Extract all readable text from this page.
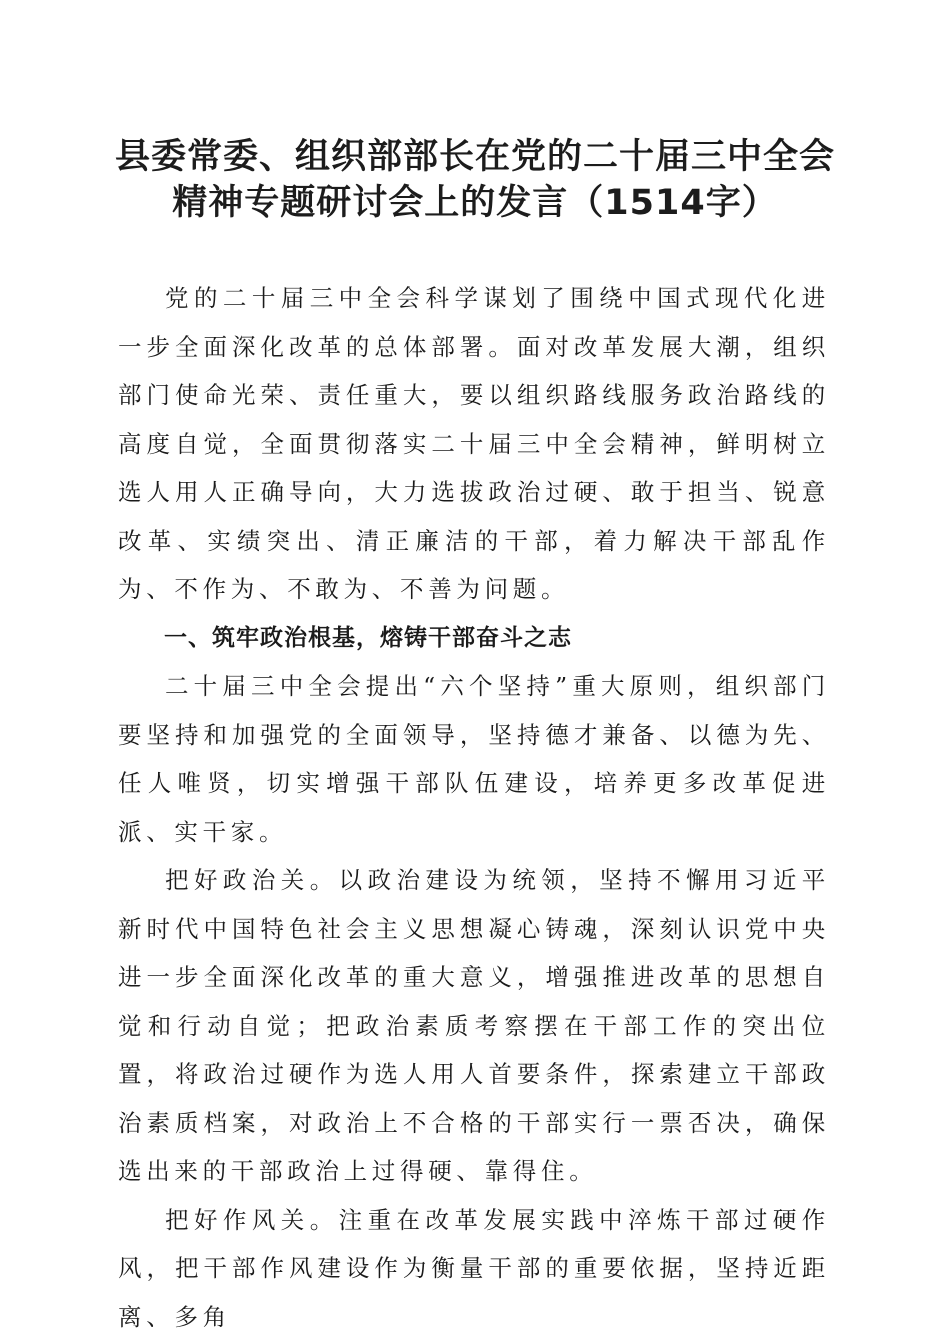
县委常委、组织部部长在党的二十届三中全会
精神专题研讨会上的发言（1514字）

党的二十届三中全会科学谋划了围绕中国式现代化进一步全面深化改革的总体部署。面对改革发展大潮，组织部门使命光荣、责任重大，要以组织路线服务政治路线的高度自觉，全面贯彻落实二十届三中全会精神，鲜明树立选人用人正确导向，大力选拔政治过硬、敢于担当、锐意改革、实绩突出、清正廉洁的干部，着力解决干部乱作为、不作为、不敢为、不善为问题。

一、筑牢政治根基，熔铸干部奋斗之志

二十届三中全会提出“六个坚持”重大原则，组织部门要坚持和加强党的全面领导，坚持德才兼备、以德为先、任人唯贤，切实增强干部队伍建设，培养更多改革促进派、实干家。

把好政治关。以政治建设为统领，坚持不懈用习近平新时代中国特色社会主义思想凝心铸魂，深刻认识党中央进一步全面深化改革的重大意义，增强推进改革的思想自觉和行动自觉；把政治素质考察摆在干部工作的突出位置，将政治过硬作为选人用人首要条件，探索建立干部政治素质档案，对政治上不合格的干部实行一票否决，确保选出来的干部政治上过得硬、靠得住。

把好作风关。注重在改革发展实践中淬炼干部过硬作风，把干部作风建设作为衡量干部的重要依据，坚持近距离、多角
